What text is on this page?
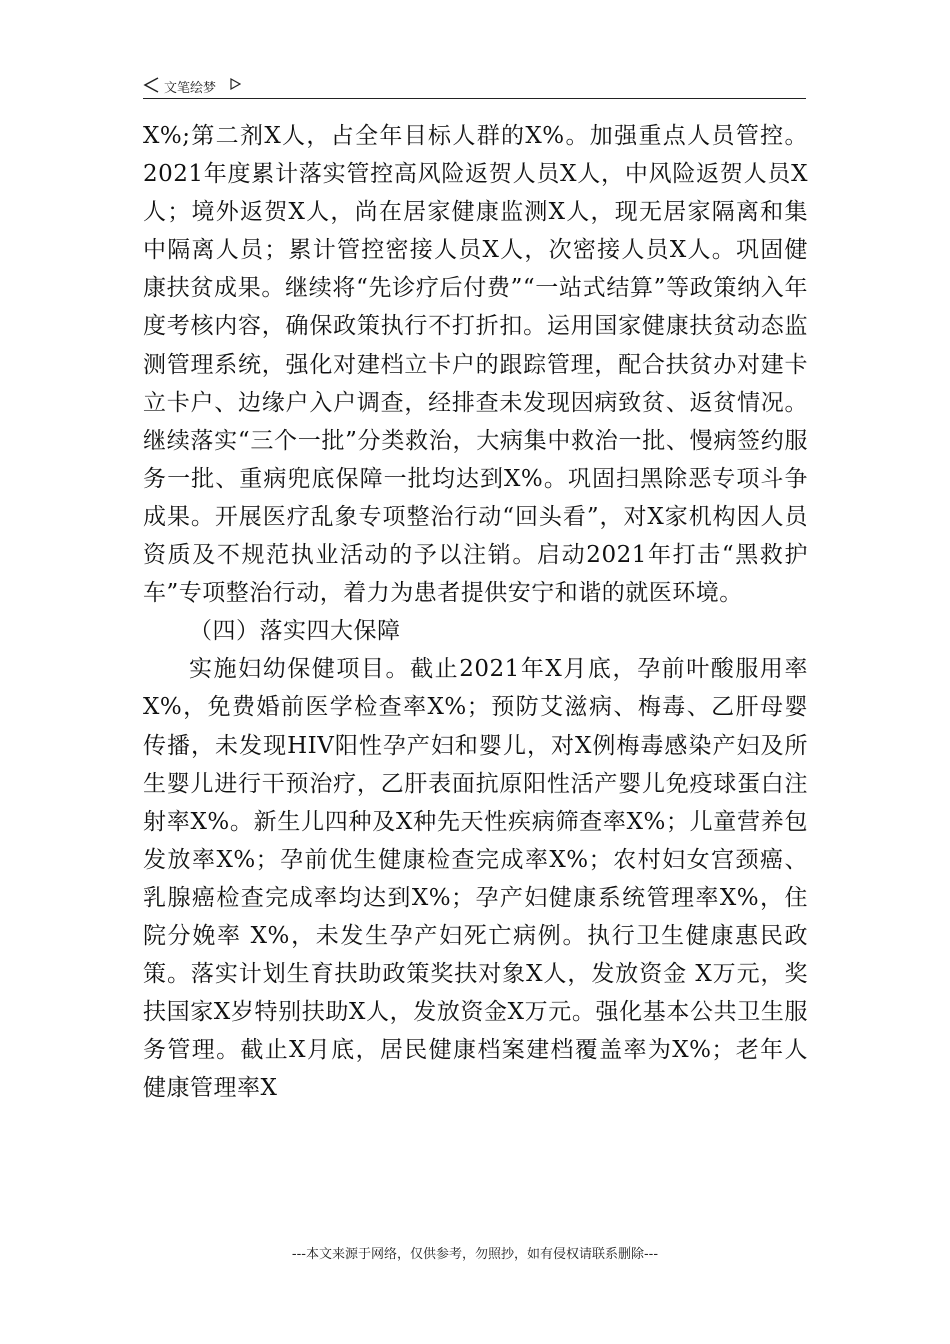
文笔绘梦

X%;第二剂X人，占全年目标人群的X%。加强重点人员管控。2021年度累计落实管控高风险返贺人员X人，中风险返贺人员X人；境外返贺X人，尚在居家健康监测X人，现无居家隔离和集中隔离人员；累计管控密接人员X人，次密接人员X人。巩固健康扶贫成果。继续将“先诊疗后付费”“一站式结算”等政策纳入年度考核内容，确保政策执行不打折扣。运用国家健康扶贫动态监测管理系统，强化对建档立卡户的跟踪管理，配合扶贫办对建卡立卡户、边缘户入户调查，经排查未发现因病致贫、返贫情况。继续落实“三个一批”分类救治，大病集中救治一批、慢病签约服务一批、重病兜底保障一批均达到X%。巩固扫黑除恶专项斗争成果。开展医疗乱象专项整治行动“回头看”，对X家机构因人员资质及不规范执业活动的予以注销。启动2021年打击“黑救护车”专项整治行动，着力为患者提供安宁和谐的就医环境。

（四）落实四大保障

实施妇幼保健项目。截止2021年X月底，孕前叶酸服用率X%，免费婚前医学检查率X%；预防艾滋病、梅毒、乙肝母婴传播，未发现HIV阳性孕产妇和婴儿，对X例梅毒感染产妇及所生婴儿进行干预治疗，乙肝表面抗原阳性活产婴儿免疫球蛋白注射率X%。新生儿四种及X种先天性疾病筛查率X%；儿童营养包发放率X%；孕前优生健康检查完成率X%；农村妇女宫颈癌、乳腺癌检查完成率均达到X%；孕产妇健康系统管理率X%，住院分娩率 X%，未发生孕产妇死亡病例。执行卫生健康惠民政策。落实计划生育扶助政策奖扶对象X人，发放资金 X万元，奖扶国家X岁特别扶助X人，发放资金X万元。强化基本公共卫生服务管理。截止X月底，居民健康档案建档覆盖率为X%；老年人健康管理率X

---本文来源于网络，仅供参考，勿照抄，如有侵权请联系删除---
